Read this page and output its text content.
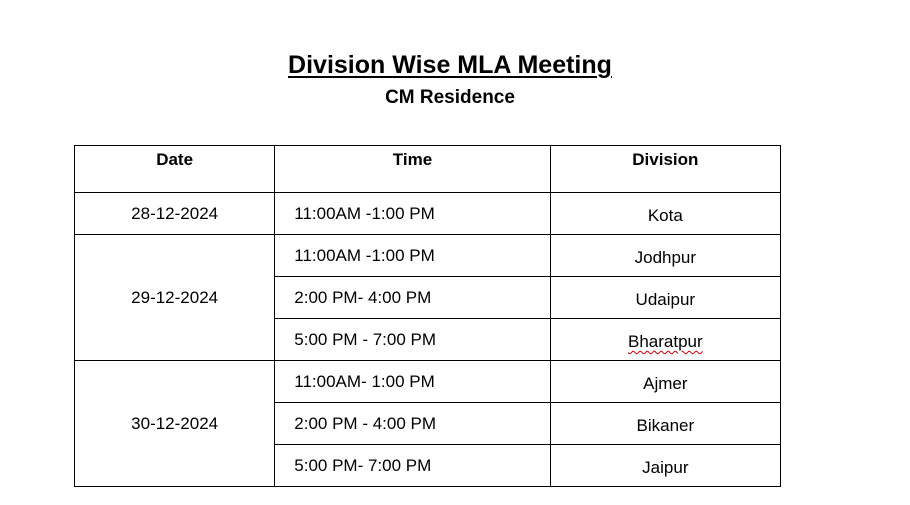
Division Wise MLA Meeting
CM Residence
Date	Time	Division
28-12-2024	11:00AM -1:00 PM	Kota
29-12-2024	11:00AM -1:00 PM	Jodhpur
	2:00 PM- 4:00 PM	Udaipur
	5:00 PM - 7:00 PM	Bharatpur
30-12-2024	11:00AM- 1:00 PM	Ajmer
	2:00 PM - 4:00 PM	Bikaner
	5:00 PM- 7:00 PM	Jaipur
